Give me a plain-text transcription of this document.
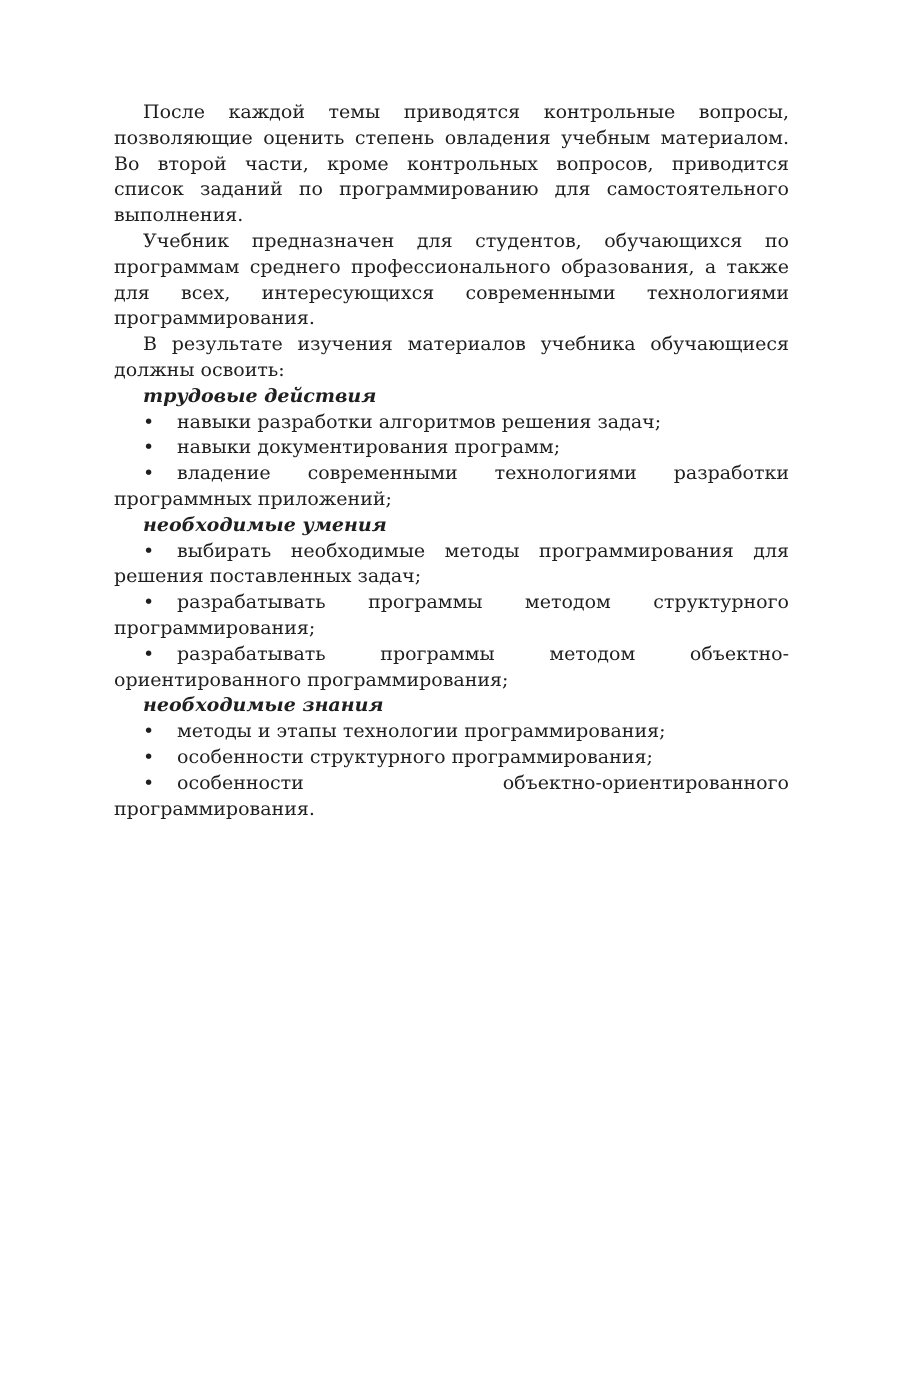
После каждой темы приводятся контрольные вопросы, позволяющие оценить степень овладения учебным материалом. Во второй части, кроме контрольных вопросов, приводится список заданий по программированию для самостоятельного выполнения.

Учебник предназначен для студентов, обучающихся по программам среднего профессионального образования, а также для всех, интересующихся современными технологиями программирования.

В результате изучения материалов учебника обучающиеся должны освоить:

трудовые действия

•навыки разработки алгоритмов решения задач;

•навыки документирования программ;

•владение современными технологиями разработки программных приложений;

необходимые умения

•выбирать необходимые методы программирования для решения поставленных задач;

•разрабатывать программы методом структурного программирования;

•разрабатывать программы методом объектно-ориентированного программирования;

необходимые знания

•методы и этапы технологии программирования;

•особенности структурного программирования;

•особенности объектно-ориентированного программирования.
